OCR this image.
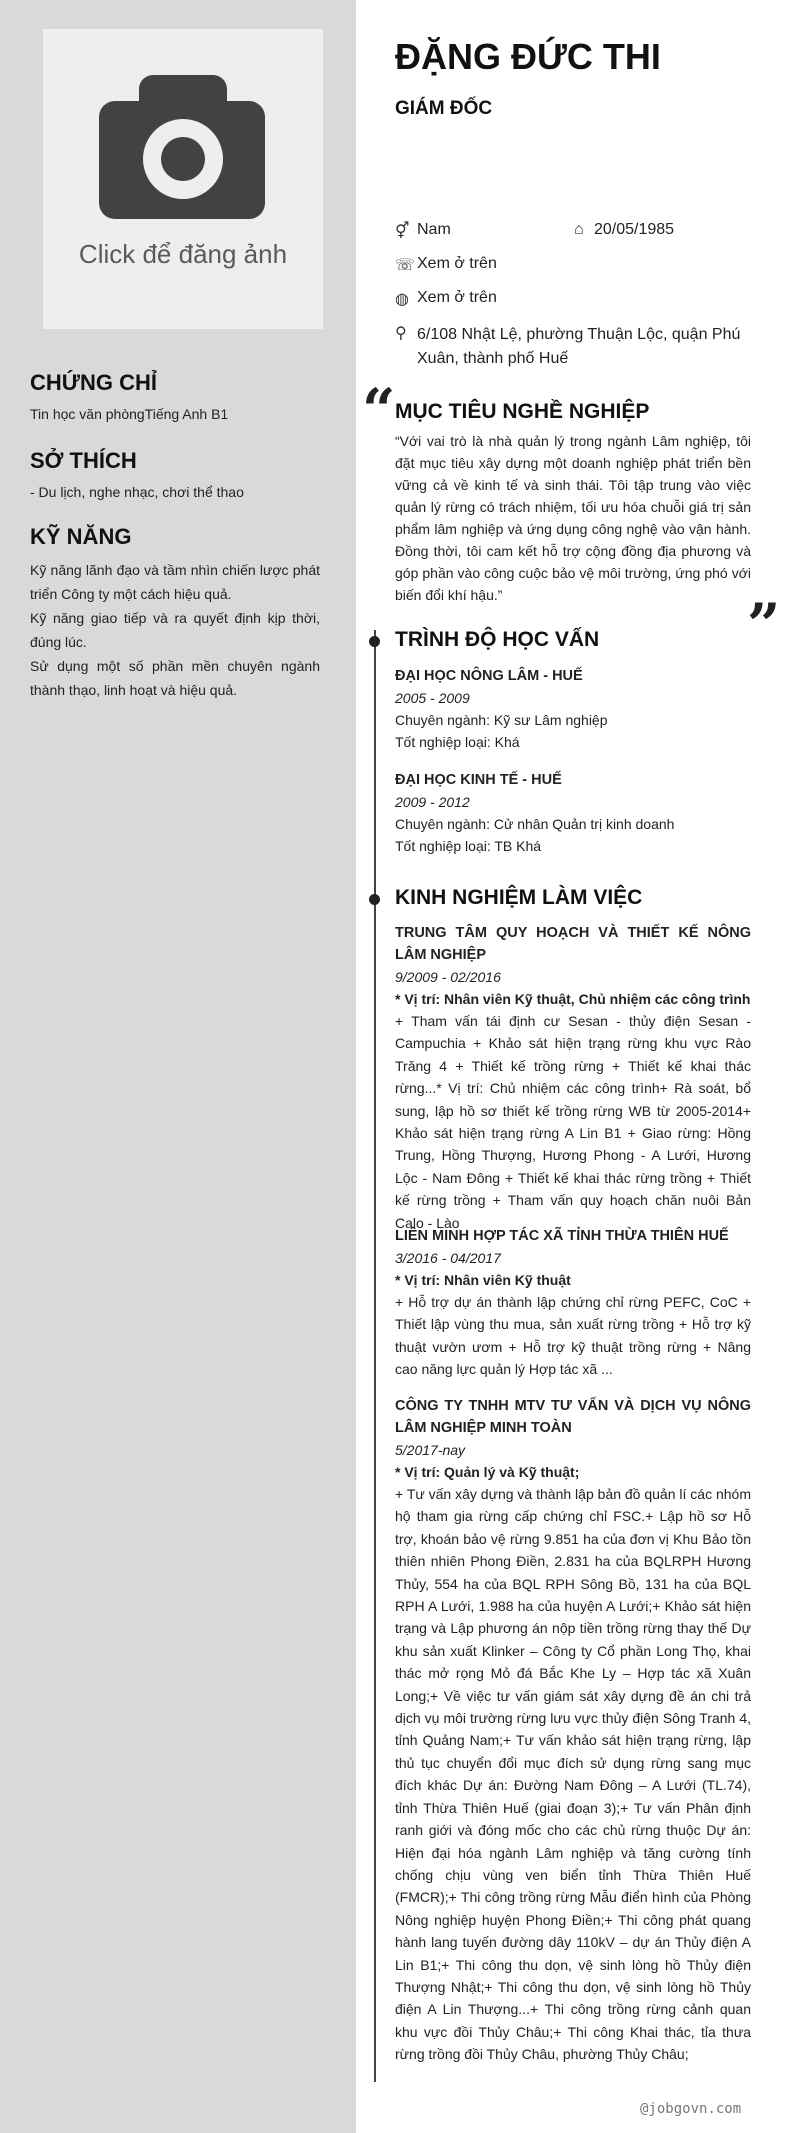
Click để đăng ảnh
CHỨNG CHỈ
Tin học văn phòngTiếng Anh B1
SỞ THÍCH
- Du lịch, nghe nhạc, chơi thể thao
KỸ NĂNG

Kỹ năng lãnh đạo và tầm nhìn chiến lược phát triển Công ty một cách hiệu quả.

Kỹ năng giao tiếp và ra quyết định kịp thời, đúng lúc.

Sử dụng một số phần mền chuyên ngành thành thạo, linh hoạt và hiệu quả.

ĐẶNG ĐỨC THI
GIÁM ĐỐC
⚥ Nam	⌂ 20/05/1985
☏ Xem ở trên
◍ Xem ở trên
⚲ 6/108 Nhật Lệ, phường Thuận Lộc, quận Phú Xuân, thành phố Huế
“ MỤC TIÊU NGHỀ NGHIỆP
“Với vai trò là nhà quản lý trong ngành Lâm nghiệp, tôi đặt mục tiêu xây dựng một doanh nghiệp phát triển bền vững cả về kinh tế và sinh thái. Tôi tập trung vào việc quản lý rừng có trách nhiệm, tối ưu hóa chuỗi giá trị sản phẩm lâm nghiệp và ứng dụng công nghệ vào vận hành. Đồng thời, tôi cam kết hỗ trợ cộng đồng địa phương và góp phần vào công cuộc bảo vệ môi trường, ứng phó với biến đổi khí hậu.”	”
TRÌNH ĐỘ HỌC VẤN
ĐẠI HỌC NÔNG LÂM - HUẾ
2005 - 2009
Chuyên ngành: Kỹ sư Lâm nghiệp
Tốt nghiệp loại: Khá
ĐẠI HỌC KINH TẾ - HUẾ
2009 - 2012
Chuyên ngành: Cử nhân Quản trị kinh doanh
Tốt nghiệp loại: TB Khá
KINH NGHIỆM LÀM VIỆC
TRUNG TÂM QUY HOẠCH VÀ THIẾT KẾ NÔNG LÂM NGHIỆP
9/2009 - 02/2016
* Vị trí: Nhân viên Kỹ thuật, Chủ nhiệm các công trình
+ Tham vấn tái định cư Sesan - thủy điện Sesan - Campuchia + Khảo sát hiện trạng rừng khu vực Rào Trăng 4 + Thiết kế trồng rừng + Thiết kế khai thác rừng...* Vị trí: Chủ nhiệm các công trình+ Rà soát, bổ sung, lập hồ sơ thiết kế trồng rừng WB từ 2005-2014+ Khảo sát hiện trạng rừng A Lin B1 + Giao rừng: Hồng Trung, Hồng Thượng, Hương Phong - A Lưới, Hương Lộc - Nam Đông + Thiết kế khai thác rừng trồng + Thiết kế rừng trồng + Tham vấn quy hoạch chăn nuôi Bản Calo - Lào
LIÊN MINH HỢP TÁC XÃ TỈNH THỪA THIÊN HUẾ
3/2016 - 04/2017
* Vị trí: Nhân viên Kỹ thuật
+ Hỗ trợ dự án thành lập chứng chỉ rừng PEFC, CoC + Thiết lập vùng thu mua, sản xuất rừng trồng + Hỗ trợ kỹ thuật vườn ươm + Hỗ trợ kỹ thuật trồng rừng + Nâng cao năng lực quản lý Hợp tác xã ...
CÔNG TY TNHH MTV TƯ VẤN VÀ DỊCH VỤ NÔNG LÂM NGHIỆP MINH TOÀN
5/2017-nay
* Vị trí: Quản lý và Kỹ thuật;
+ Tư vấn xây dựng và thành lập bản đồ quản lí các nhóm hộ tham gia rừng cấp chứng chỉ FSC.+ Lập hồ sơ Hỗ trợ, khoán bảo vệ rừng 9.851 ha của đơn vị Khu Bảo tồn thiên nhiên Phong Điền, 2.831 ha của BQLRPH Hương Thủy, 554 ha của BQL RPH Sông Bồ, 131 ha của BQL RPH A Lưới, 1.988 ha của huyện A Lưới;+ Khảo sát hiện trạng và Lập phương án nộp tiền trồng rừng thay thế Dự khu sản xuất Klinker – Công ty Cổ phần Long Thọ, khai thác mở rọng Mỏ đá Bắc Khe Ly – Hợp tác xã Xuân Long;+ Về việc tư vấn giám sát xây dựng đề án chi trả dịch vụ môi trường rừng lưu vực thủy điện Sông Tranh 4, tỉnh Quảng Nam;+ Tư vấn khảo sát hiện trạng rừng, lập thủ tục chuyển đổi mục đích sử dụng rừng sang mục đích khác Dự án: Đường Nam Đông – A Lưới (TL.74), tỉnh Thừa Thiên Huế (giai đoạn 3);+ Tư vấn Phân định ranh giới và đóng mốc cho các chủ rừng thuộc Dự án: Hiện đại hóa ngành Lâm nghiệp và tăng cường tính chống chịu vùng ven biển tỉnh Thừa Thiên Huế (FMCR);+ Thi công trồng rừng Mẫu điển hình của Phòng Nông nghiệp huyện Phong Điền;+ Thi công phát quang hành lang tuyến đường dây 110kV – dự án Thủy điện A Lin B1;+ Thi công thu dọn, vệ sinh lòng hồ Thủy điện Thượng Nhật;+ Thi công thu dọn, vệ sinh lòng hồ Thủy điện A Lin Thượng...+ Thi công trồng rừng cảnh quan khu vực đồi Thủy Châu;+ Thi công Khai thác, tỉa thưa rừng trồng đồi Thủy Châu, phường Thủy Châu;
@jobgovn.com
